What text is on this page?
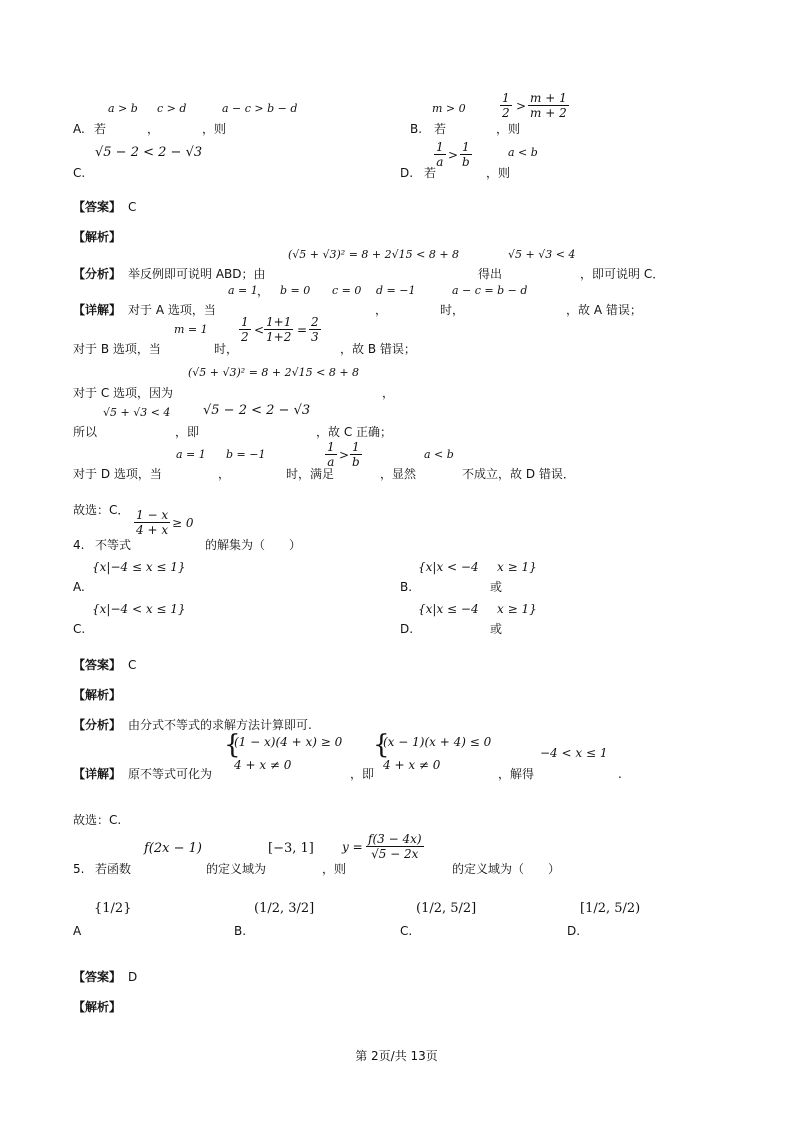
A. 若
a > b
，
c > d
，则
a − c > b − d
B. 若
m > 0
，则
$\frac{1}{2} > \frac{m + 1}{m + 2}$
C.
√5 − 2 < 2 − √3
D. 若
$\frac{1}{a} > \frac{1}{b}$
，则
a < b
【答案】 C
【解析】
【分析】 举反例即可说明 ABD；由
(√5 + √3)² = 8 + 2√15 < 8 + 8
得出
√5 + √3 < 4
，即可说明 C．
【详解】 对于 A 选项，当
a = 1 ， b = 0 c = 0
，
d = −1
时，
a − c = b − d
，故 A 错误；
对于 B 选项，当
m = 1
时，
$\frac{1}{2} < \frac{1+1}{1+2} = \frac{2}{3}$
，故 B 错误；
对于 C 选项，因为
(√5 + √3)² = 8 + 2√15 < 8 + 8
，
所以
√5 + √3 < 4
，即
√5 − 2 < 2 − √3
，故 C 正确；
对于 D 选项，当
a = 1
，
b = −1
时，满足
$\frac{1}{a} > \frac{1}{b}$
，显然
a < b
不成立，故 D 错误．
故选：C．
4. 不等式
$\frac{1 - x}{4 + x} \ge 0$
的解集为（　　）
A.
{x|−4 ≤ x ≤ 1}
B.
{x|x < −4
或
x ≥ 1}
C.
{x|−4 < x ≤ 1}
D.
{x|x ≤ −4
或
x ≥ 1}
【答案】 C
【解析】
【分析】 由分式不等式的求解方法计算即可.
【详解】 原不等式可化为
{
(1 − x)(4 + x) ≥ 0
4 + x ≠ 0
，即
{
(x − 1)(x + 4) ≤ 0
4 + x ≠ 0
，解得
−4 < x ≤ 1
.
故选：C.
5. 若函数
f(2x − 1)
的定义域为
[−3, 1]
，则
$y = \frac{f(3 - 4x)}{√5 - 2x}$
的定义域为（　　）
A
{1/2}
B.
(1/2, 3/2]
C.
(1/2, 5/2]
D.
[1/2, 5/2)
【答案】 D
【解析】
第 2页/共 13页
